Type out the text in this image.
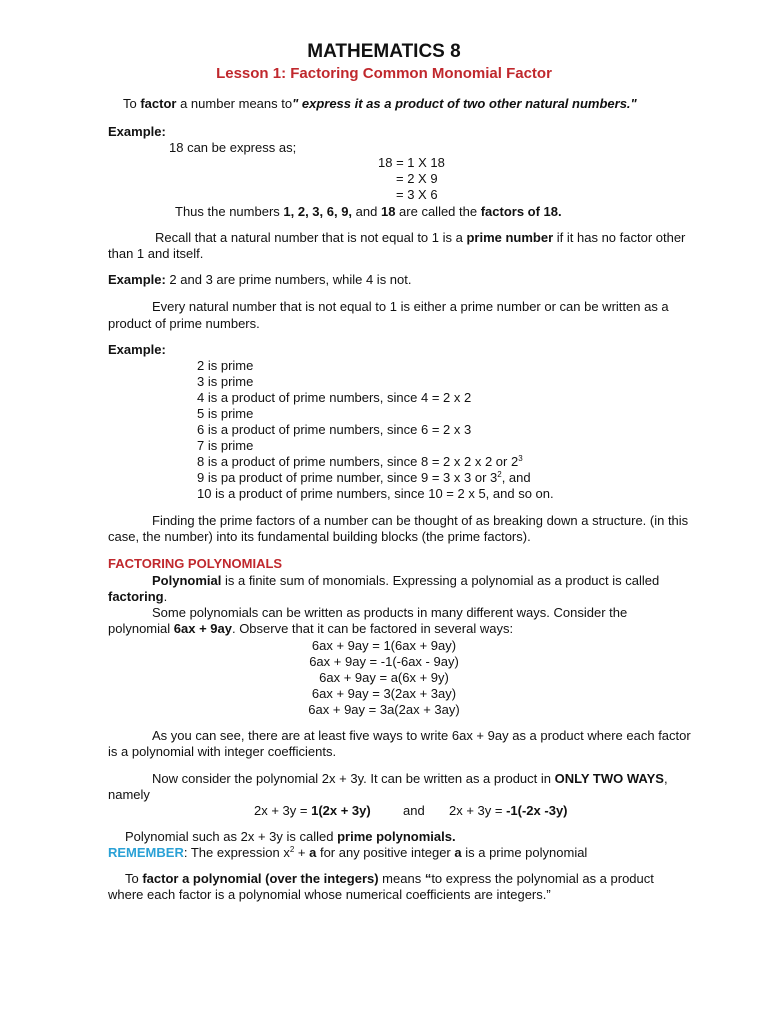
MATHEMATICS 8
Lesson 1: Factoring Common Monomial Factor
To factor a number means to" express it as a product of two other natural numbers."
Example:
18 can be express as;
18 = 1 X 18
= 2 X 9
= 3 X 6
Thus the numbers 1, 2, 3, 6, 9, and 18 are called the factors of 18.
Recall that a natural number that is not equal to 1 is a prime number if it has no factor other
than 1 and itself.
Example: 2 and 3 are prime numbers, while 4 is not.
Every natural number that is not equal to 1 is either a prime number or can be written as a
product of prime numbers.
Example:
2 is prime
3 is prime
4 is a product of prime numbers, since 4 = 2 x 2
5 is prime
6 is a product of prime numbers, since 6 = 2 x 3
7 is prime
8 is a product of prime numbers, since 8 = 2 x 2 x 2 or $2^3$
9 is pa product of prime number, since 9 = 3 x 3 or $3^2$, and
10 is a product of prime numbers, since 10 = 2 x 5, and so on.
Finding the prime factors of a number can be thought of as breaking down a structure. (in this
case, the number) into its fundamental building blocks (the prime factors).
FACTORING POLYNOMIALS
Polynomial is a finite sum of monomials. Expressing a polynomial as a product is called
factoring.
Some polynomials can be written as products in many different ways. Consider the
polynomial 6ax + 9ay. Observe that it can be factored in several ways:
6ax + 9ay = 1(6ax + 9ay)
6ax + 9ay = -1(-6ax - 9ay)
6ax + 9ay = a(6x + 9y)
6ax + 9ay = 3(2ax + 3ay)
6ax + 9ay = 3a(2ax + 3ay)
As you can see, there are at least five ways to write 6ax + 9ay as a product where each factor
is a polynomial with integer coefficients.
Now consider the polynomial 2x + 3y. It can be written as a product in ONLY TWO WAYS,
namely
2x + 3y = 1(2x + 3y) and 2x + 3y = -1(-2x -3y)
Polynomial such as 2x + 3y is called prime polynomials.
REMEMBER: The expression $x^2 + a$ for any positive integer a is a prime polynomial
To factor a polynomial (over the integers) means “to express the polynomial as a product
where each factor is a polynomial whose numerical coefficients are integers.”
